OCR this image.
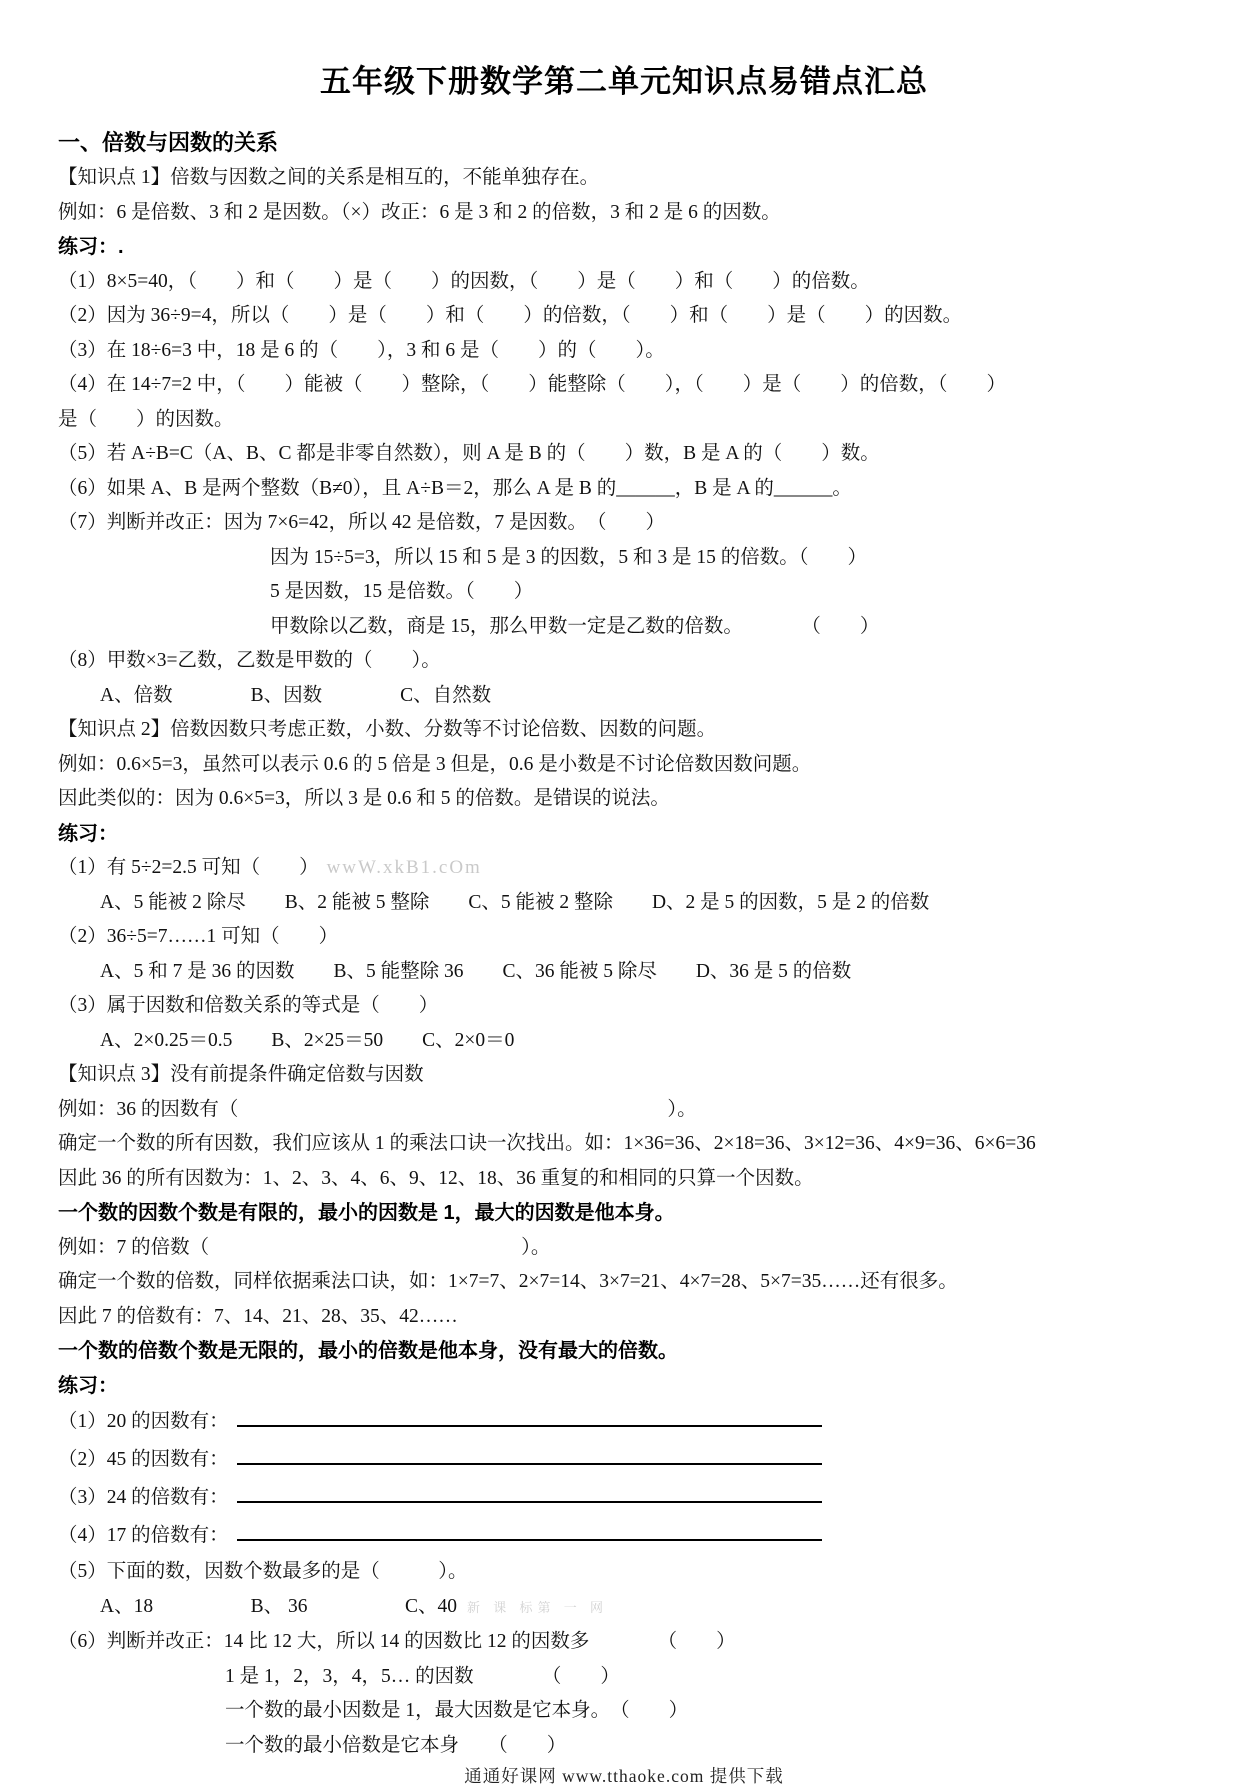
五年级下册数学第二单元知识点易错点汇总
一、倍数与因数的关系
【知识点 1】倍数与因数之间的关系是相互的，不能单独存在。
例如：6 是倍数、3 和 2 是因数。（×）改正：6 是 3 和 2 的倍数，3 和 2 是 6 的因数。
练习：.
（1）8×5=40，（　　）和（　　）是（　　）的因数，（　　）是（　　）和（　　）的倍数。
（2）因为 36÷9=4，所以（　　）是（　　）和（　　）的倍数，（　　）和（　　）是（　　）的因数。
（3）在 18÷6=3 中，18 是 6 的（　　），3 和 6 是（　　）的（　　）。
（4）在 14÷7=2 中，（　　）能被（　　）整除，（　　）能整除（　　），（　　）是（　　）的倍数，（　　）
是（　　）的因数。
（5）若 A÷B=C（A、B、C 都是非零自然数），则 A 是 B 的（　　）数，B 是 A 的（　　）数。
（6）如果 A、B 是两个整数（B≠0），且 A÷B＝2，那么 A 是 B 的______，B 是 A 的______。
（7）判断并改正：因为 7×6=42，所以 42 是倍数，7 是因数。　（　　）
因为 15÷5=3，所以 15 和 5 是 3 的因数，5 和 3 是 15 的倍数。（　　）
5 是因数，15 是倍数。（　　）
甲数除以乙数，商是 15，那么甲数一定是乙数的倍数。　　　　（　　）
（8）甲数×3=乙数，乙数是甲数的（　　）。
A、倍数　　　　B、因数　　　　C、自然数
【知识点 2】倍数因数只考虑正数，小数、分数等不讨论倍数、因数的问题。
例如：0.6×5=3，虽然可以表示 0.6 的 5 倍是 3 但是，0.6 是小数是不讨论倍数因数问题。
因此类似的：因为 0.6×5=3，所以 3 是 0.6 和 5 的倍数。是错误的说法。
练习：
（1）有 5÷2=2.5 可知（　　） wwW.xkB1.cOm
A、5 能被 2 除尽　　B、2 能被 5 整除　　C、5 能被 2 整除　　D、2 是 5 的因数，5 是 2 的倍数
（2）36÷5=7……1 可知（　　）
A、5 和 7 是 36 的因数　　B、5 能整除 36　　C、36 能被 5 除尽　　D、36 是 5 的倍数
（3）属于因数和倍数关系的等式是（　　）
A、2×0.25＝0.5　　B、2×25＝50　　C、2×0＝0
【知识点 3】没有前提条件确定倍数与因数
例如：36 的因数有（　　　　　　　　　　　　　　　　　　　　　　）。
确定一个数的所有因数，我们应该从 1 的乘法口诀一次找出。如：1×36=36、2×18=36、3×12=36、4×9=36、6×6=36
因此 36 的所有因数为：1、2、3、4、6、9、12、18、36 重复的和相同的只算一个因数。
一个数的因数个数是有限的，最小的因数是 1，最大的因数是他本身。
例如：7 的倍数（　　　　　　　　　　　　　　　　）。
确定一个数的倍数，同样依据乘法口诀，如：1×7=7、2×7=14、3×7=21、4×7=28、5×7=35……还有很多。
因此 7 的倍数有：7、14、21、28、35、42……
一个数的倍数个数是无限的，最小的倍数是他本身，没有最大的倍数。
练习：
（1）20 的因数有：
（2）45 的因数有：
（3）24 的倍数有：
（4）17 的倍数有：
（5）下面的数，因数个数最多的是（　　　）。
A、18　　　　　B、 36　　　　　C、40 新 课 标第 一 网
（6）判断并改正：14 比 12 大，所以 14 的因数比 12 的因数多　　　　（　　）
1 是 1，2，3，4，5… 的因数　　　　（　　）
一个数的最小因数是 1，最大因数是它本身。　（　　）
一个数的最小倍数是它本身　　（　　）
通通好课网 www.tthaoke.com 提供下载
